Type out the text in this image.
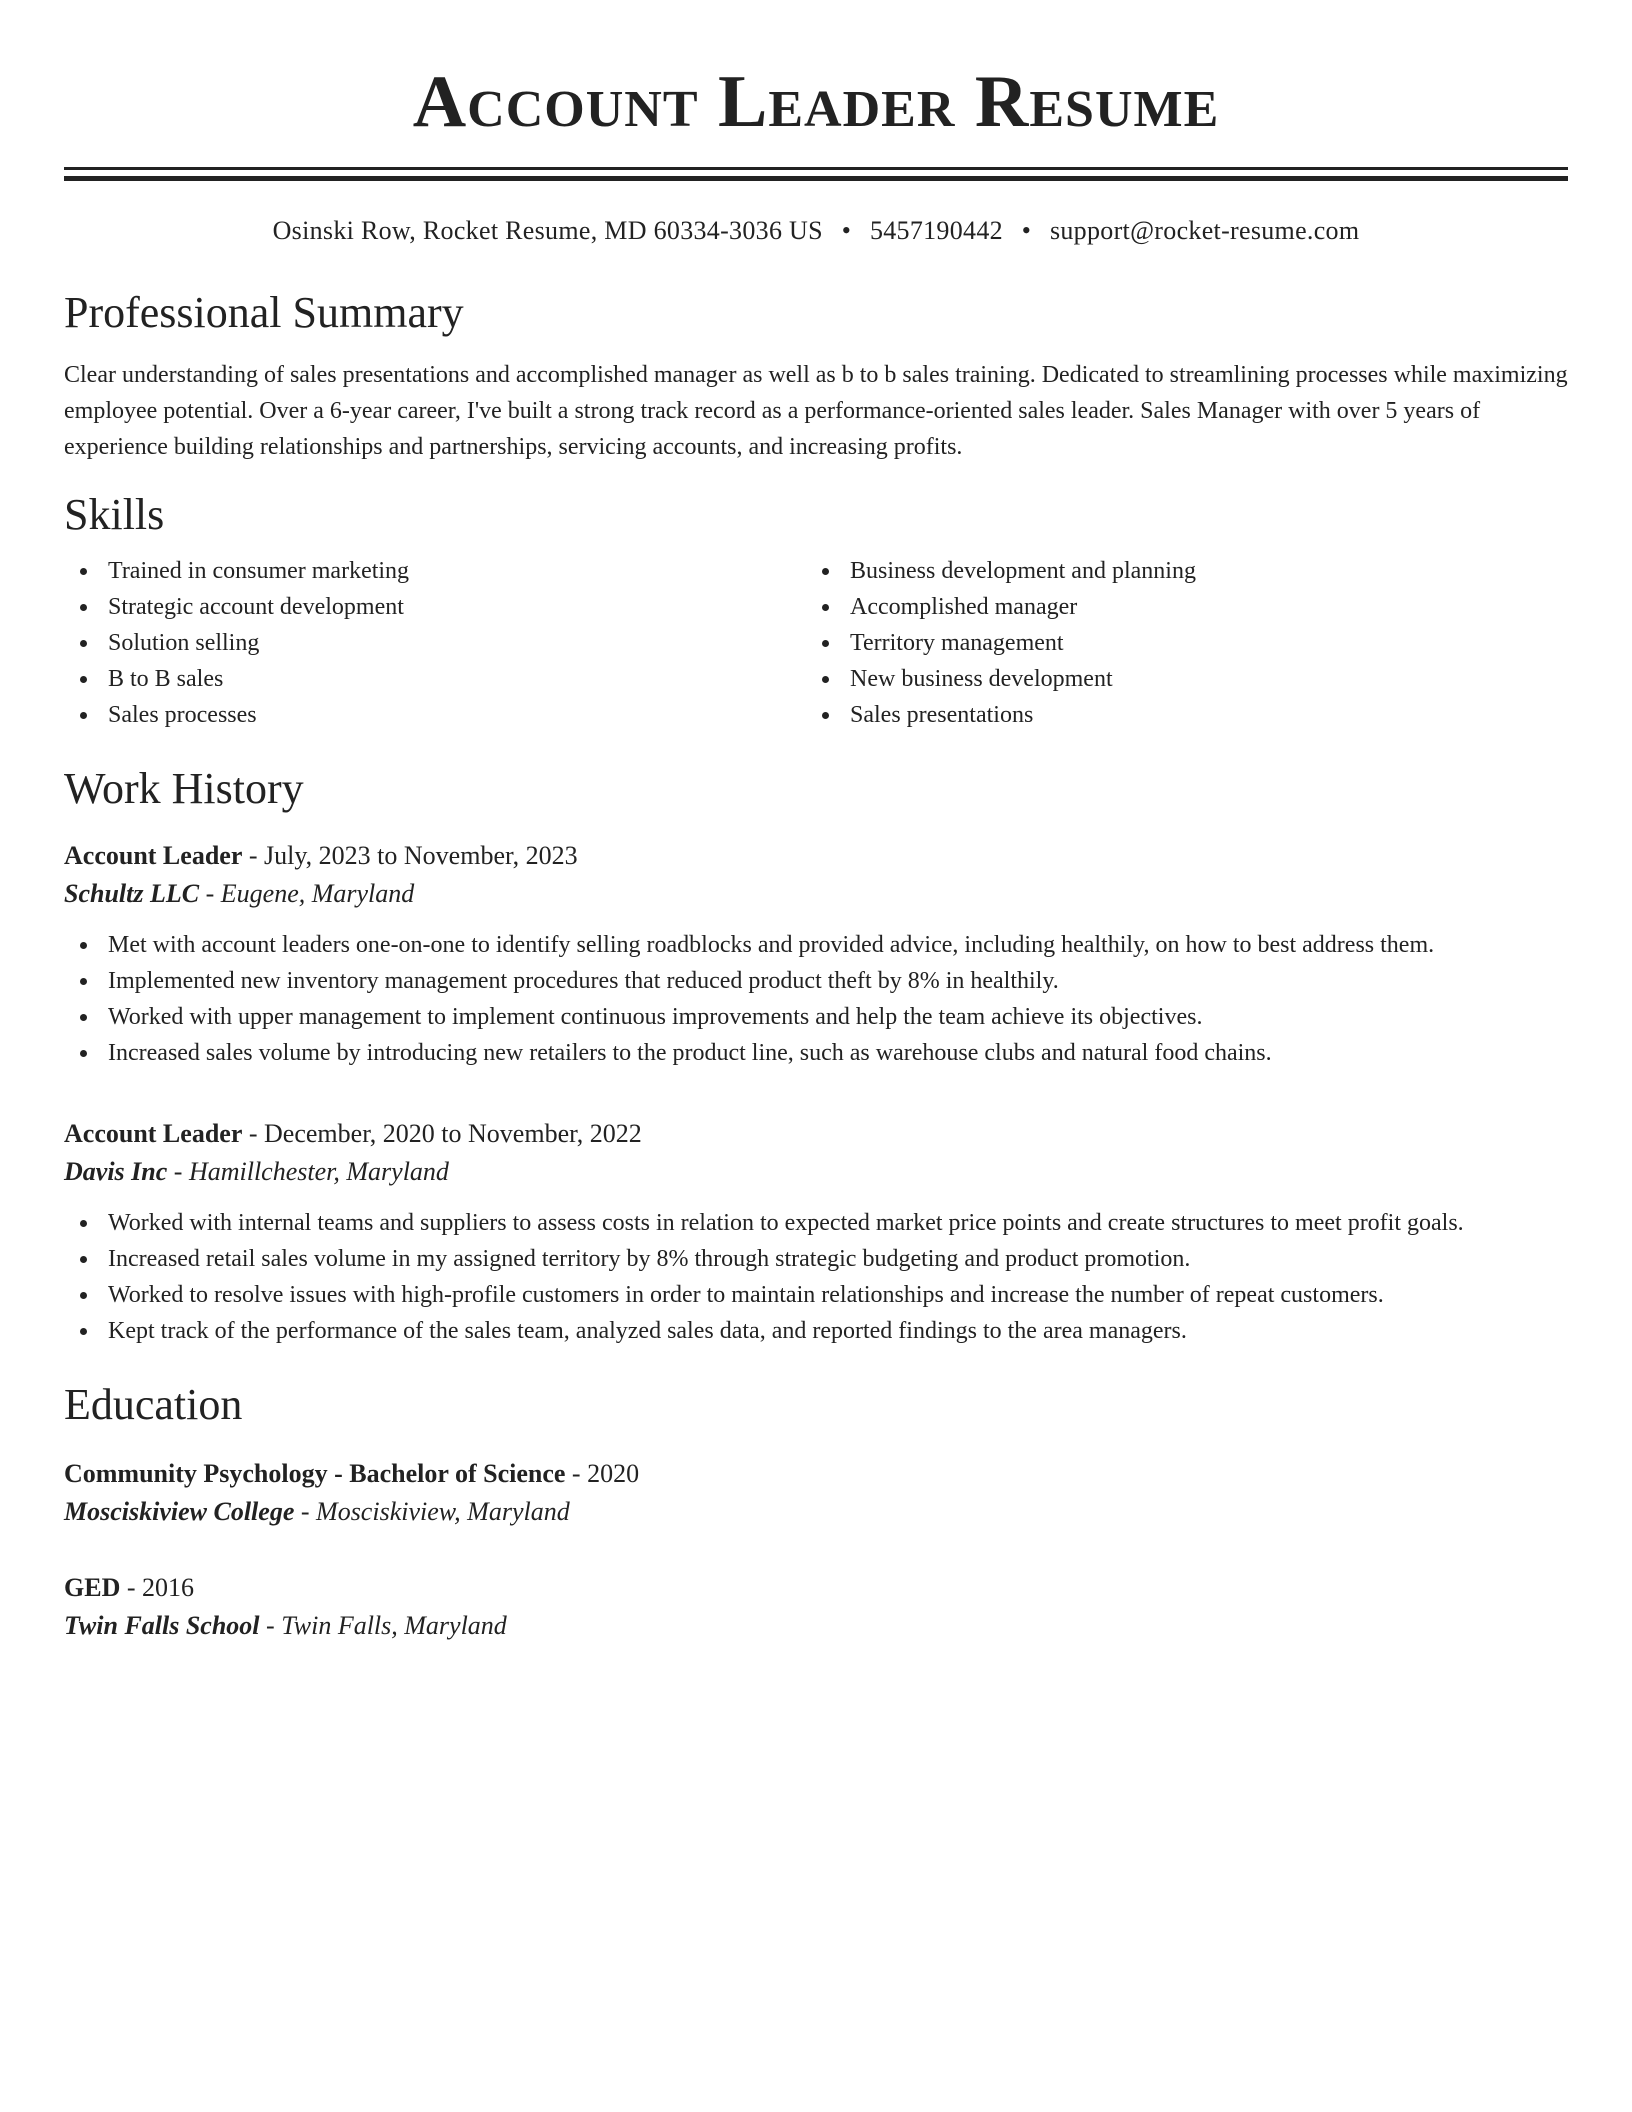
Account Leader Resume
Osinski Row, Rocket Resume, MD 60334-3036 US • 5457190442 • support@rocket-resume.com
Professional Summary

Clear understanding of sales presentations and accomplished manager as well as b to b sales training. Dedicated to streamlining processes while maximizing employee potential. Over a 6-year career, I've built a strong track record as a performance-oriented sales leader. Sales Manager with over 5 years of experience building relationships and partnerships, servicing accounts, and increasing profits.

Skills
Trained in consumer marketing
Strategic account development
Solution selling
B to B sales
Sales processes
Business development and planning
Accomplished manager
Territory management
New business development
Sales presentations
Work History
Account Leader - July, 2023 to November, 2023
Schultz LLC - Eugene, Maryland
Met with account leaders one-on-one to identify selling roadblocks and provided advice, including healthily, on how to best address them.
Implemented new inventory management procedures that reduced product theft by 8% in healthily.
Worked with upper management to implement continuous improvements and help the team achieve its objectives.
Increased sales volume by introducing new retailers to the product line, such as warehouse clubs and natural food chains.
Account Leader - December, 2020 to November, 2022
Davis Inc - Hamillchester, Maryland
Worked with internal teams and suppliers to assess costs in relation to expected market price points and create structures to meet profit goals.
Increased retail sales volume in my assigned territory by 8% through strategic budgeting and product promotion.
Worked to resolve issues with high-profile customers in order to maintain relationships and increase the number of repeat customers.
Kept track of the performance of the sales team, analyzed sales data, and reported findings to the area managers.
Education
Community Psychology - Bachelor of Science - 2020
Mosciskiview College - Mosciskiview, Maryland
GED - 2016
Twin Falls School - Twin Falls, Maryland
